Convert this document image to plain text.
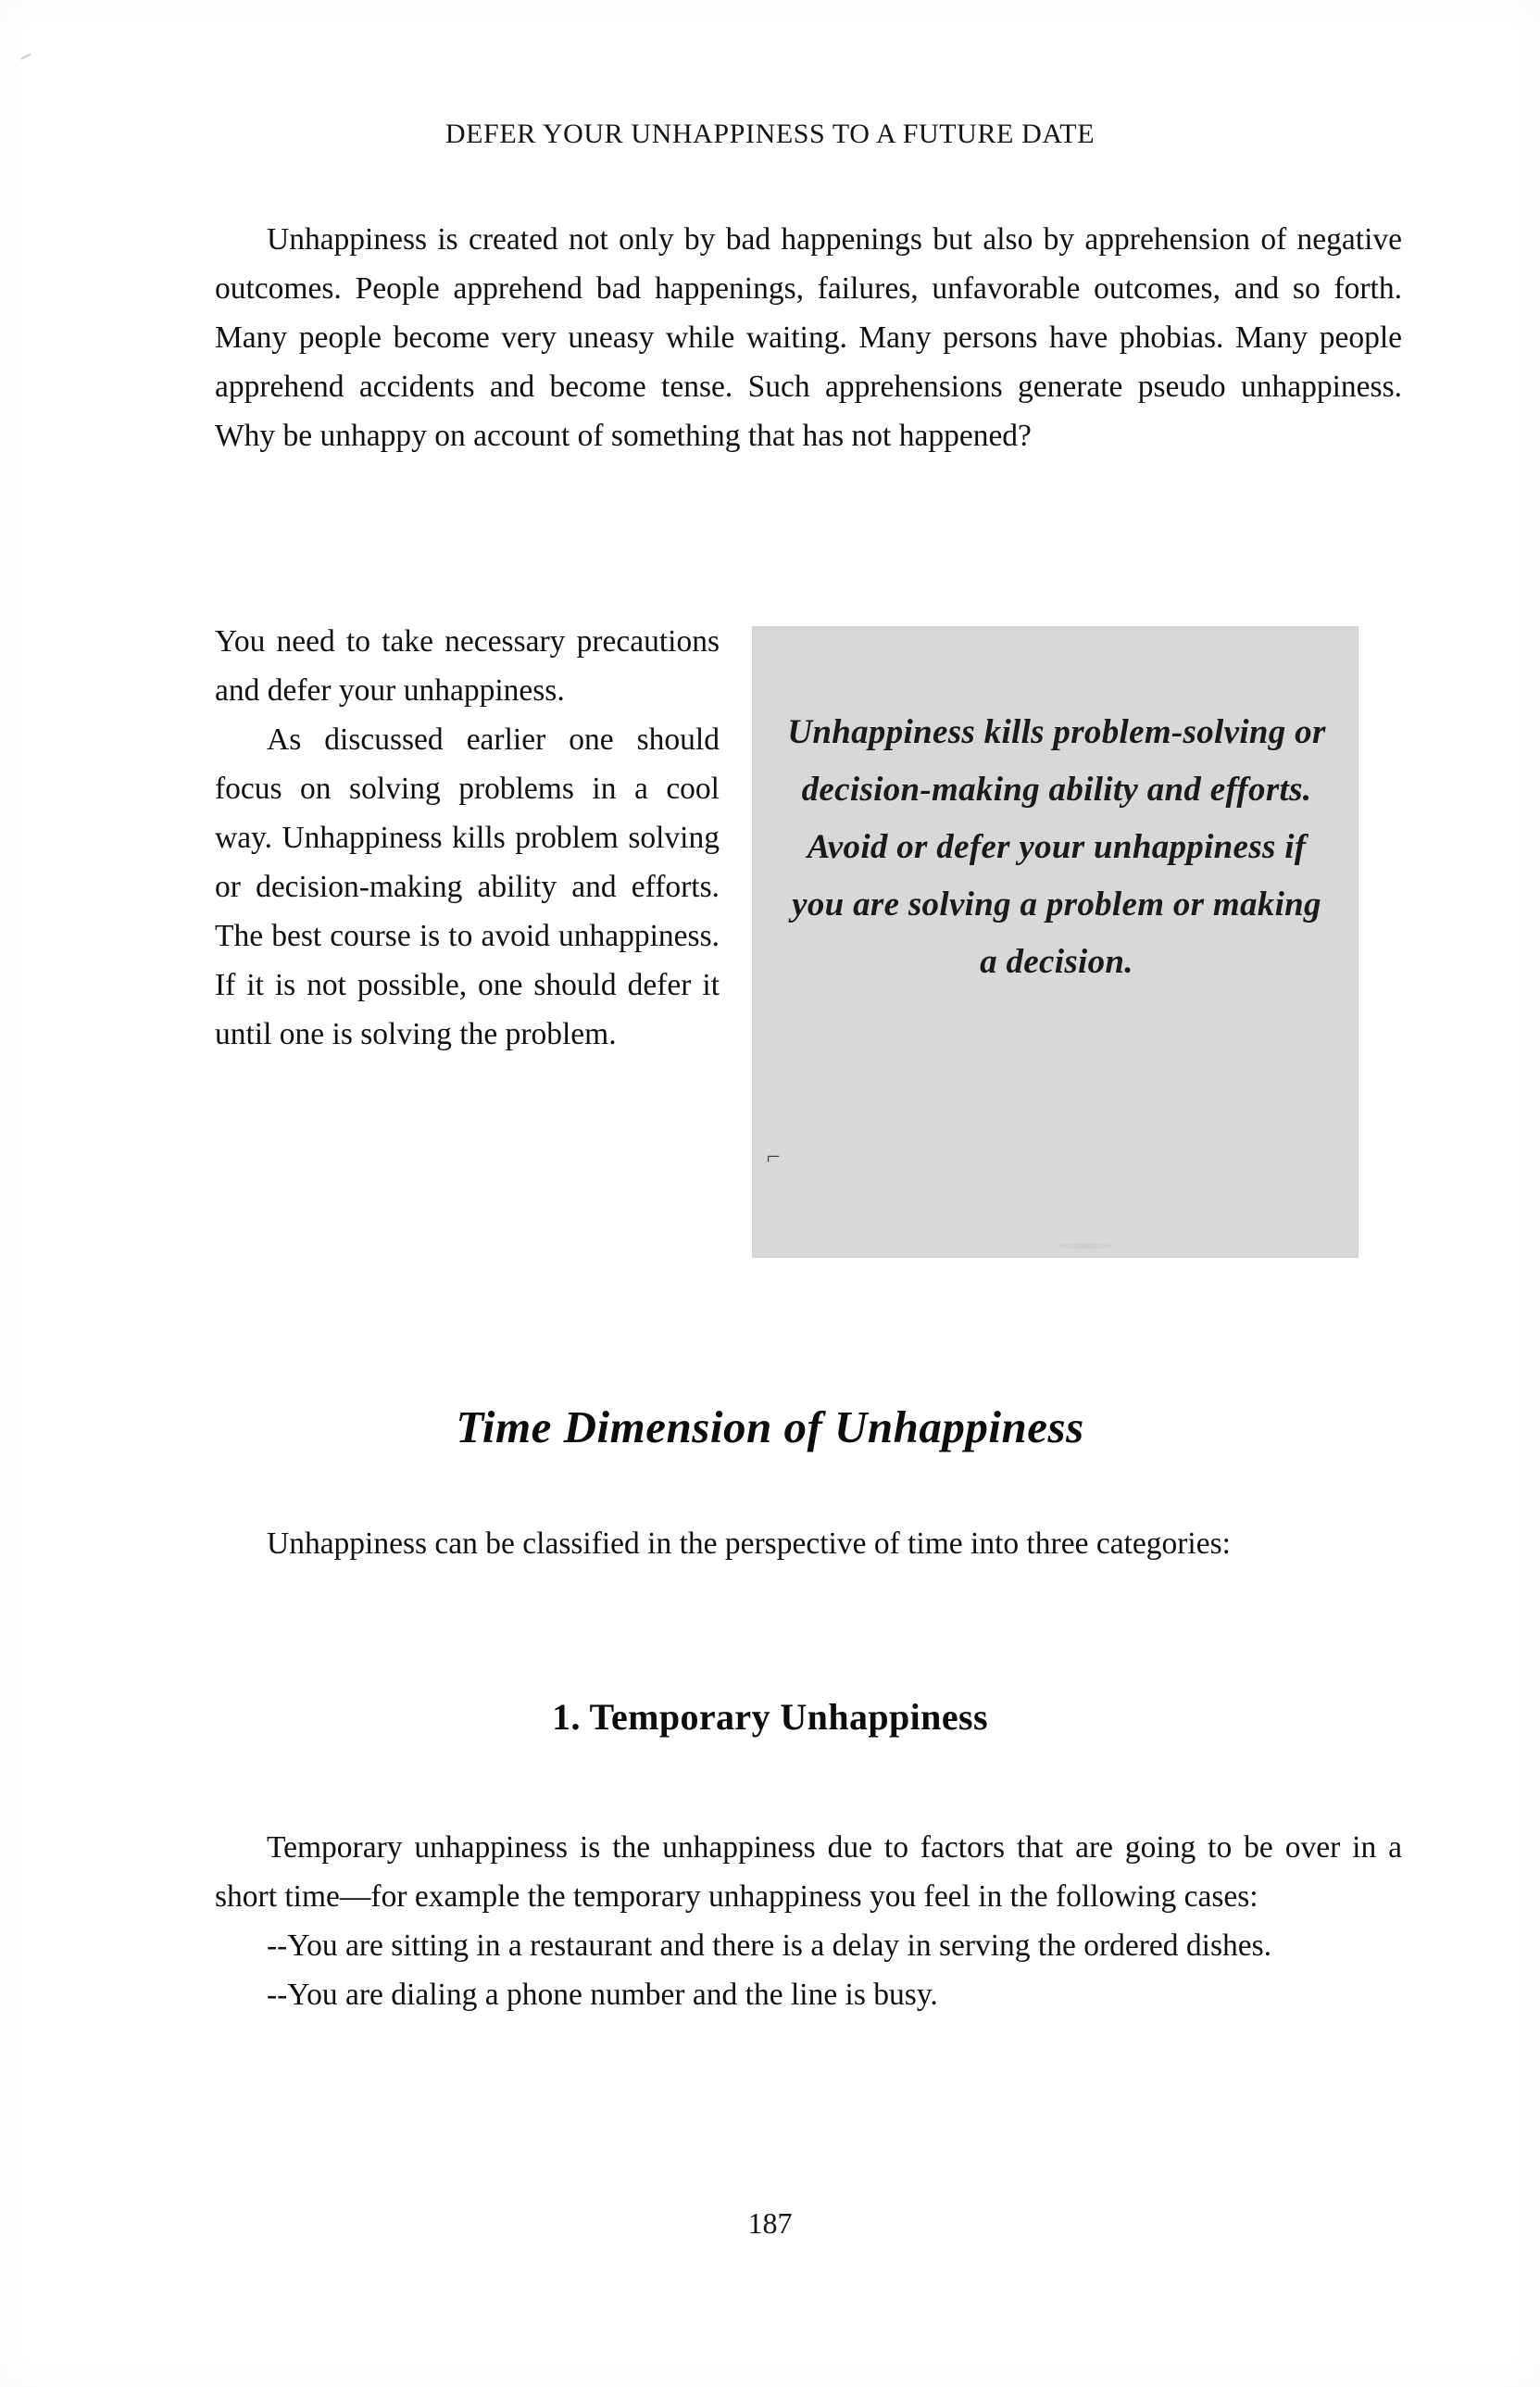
DEFER YOUR UNHAPPINESS TO A FUTURE DATE

Unhappiness is created not only by bad happenings but also by apprehension of negative outcomes. People apprehend bad happenings, failures, unfavorable outcomes, and so forth. Many people become very uneasy while waiting. Many persons have phobias. Many people apprehend accidents and become tense. Such apprehensions generate pseudo unhappiness. Why be unhappy on account of something that has not happened?

You need to take necessary precautions and defer your unhappiness.

As discussed earlier one should focus on solving problems in a cool way. Unhappiness kills problem solving or decision-making ability and efforts. The best course is to avoid unhappiness. If it is not possible, one should defer it until one is solving the problem.

⌐
Unhappiness kills problem-solving or decision-making ability and efforts. Avoid or defer your unhappiness if you are solving a problem or making a decision.
Time Dimension of Unhappiness

Unhappiness can be classified in the perspective of time into three categories:

1. Temporary Unhappiness

Temporary unhappiness is the unhappiness due to factors that are going to be over in a short time—for example the temporary unhappiness you feel in the following cases:

--You are sitting in a restaurant and there is a delay in serving the ordered dishes.

--You are dialing a phone number and the line is busy.

187
